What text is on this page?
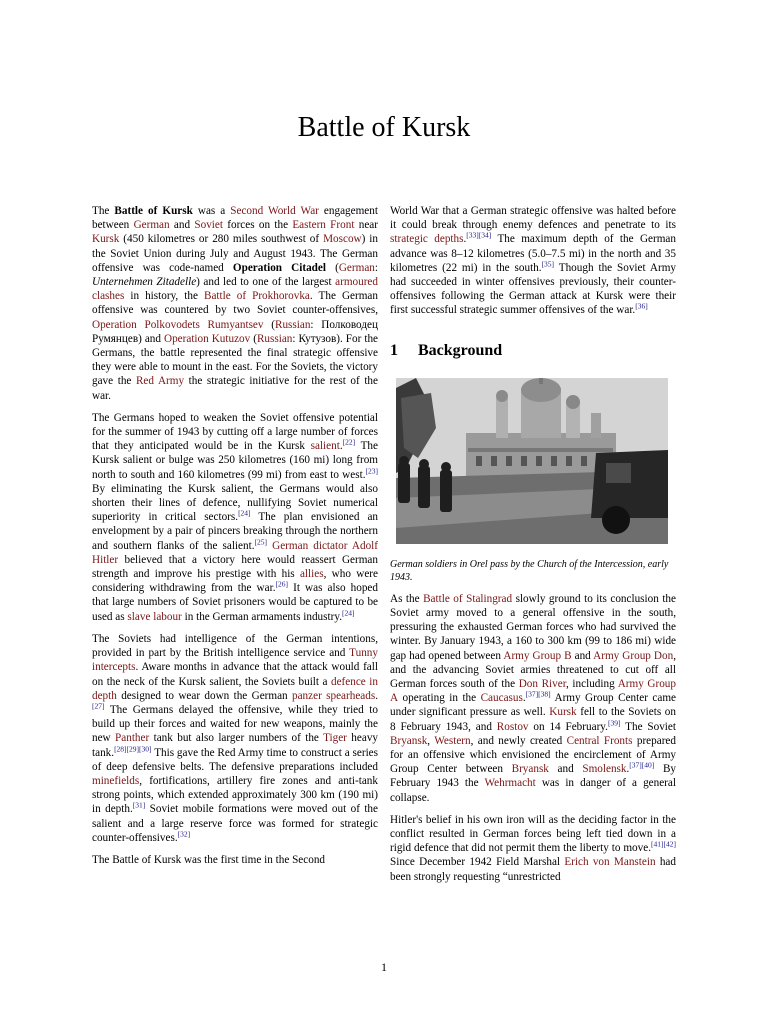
Battle of Kursk

The Battle of Kursk was a Second World War engagement between German and Soviet forces on the Eastern Front near Kursk (450 kilometres or 280 miles southwest of Moscow) in the Soviet Union during July and August 1943. The German offensive was code-named Operation Citadel (German: Unternehmen Zitadelle) and led to one of the largest armoured clashes in history, the Battle of Prokhorovka. The German offensive was countered by two Soviet counter-offensives, Operation Polkovodets Rumyantsev (Russian: Полководец Румянцев) and Operation Kutuzov (Russian: Кутузов). For the Germans, the battle represented the final strategic offensive they were able to mount in the east. For the Soviets, the victory gave the Red Army the strategic initiative for the rest of the war.

The Germans hoped to weaken the Soviet offensive potential for the summer of 1943 by cutting off a large number of forces that they anticipated would be in the Kursk salient.[22] The Kursk salient or bulge was 250 kilometres (160 mi) long from north to south and 160 kilometres (99 mi) from east to west.[23] By eliminating the Kursk salient, the Germans would also shorten their lines of defence, nullifying Soviet numerical superiority in critical sectors.[24] The plan envisioned an envelopment by a pair of pincers breaking through the northern and southern flanks of the salient.[25] German dictator Adolf Hitler believed that a victory here would reassert German strength and improve his prestige with his allies, who were considering withdrawing from the war.[26] It was also hoped that large numbers of Soviet prisoners would be captured to be used as slave labour in the German armaments industry.[24]

The Soviets had intelligence of the German intentions, provided in part by the British intelligence service and Tunny intercepts. Aware months in advance that the attack would fall on the neck of the Kursk salient, the Soviets built a defence in depth designed to wear down the German panzer spearheads.[27] The Germans delayed the offensive, while they tried to build up their forces and waited for new weapons, mainly the new Panther tank but also larger numbers of the Tiger heavy tank.[28][29][30] This gave the Red Army time to construct a series of deep defensive belts. The defensive preparations included minefields, fortifications, artillery fire zones and anti-tank strong points, which extended approximately 300 km (190 mi) in depth.[31] Soviet mobile formations were moved out of the salient and a large reserve force was formed for strategic counter-offensives.[32]

The Battle of Kursk was the first time in the Second

World War that a German strategic offensive was halted before it could break through enemy defences and penetrate to its strategic depths.[33][34] The maximum depth of the German advance was 8–12 kilometres (5.0–7.5 mi) in the north and 35 kilometres (22 mi) in the south.[35] Though the Soviet Army had succeeded in winter offensives previously, their counter-offensives following the German attack at Kursk were their first successful strategic summer offensives of the war.[36]

1 Background

German soldiers in Orel pass by the Church of the Intercession, early 1943.

As the Battle of Stalingrad slowly ground to its conclusion the Soviet army moved to a general offensive in the south, pressuring the exhausted German forces who had survived the winter. By January 1943, a 160 to 300 km (99 to 186 mi) wide gap had opened between Army Group B and Army Group Don, and the advancing Soviet armies threatened to cut off all German forces south of the Don River, including Army Group A operating in the Caucasus.[37][38] Army Group Center came under significant pressure as well. Kursk fell to the Soviets on 8 February 1943, and Rostov on 14 February.[39] The Soviet Bryansk, Western, and newly created Central Fronts prepared for an offensive which envisioned the encirclement of Army Group Center between Bryansk and Smolensk.[37][40] By February 1943 the Wehrmacht was in danger of a general collapse.

Hitler's belief in his own iron will as the deciding factor in the conflict resulted in German forces being left tied down in a rigid defence that did not permit them the liberty to move.[41][42] Since December 1942 Field Marshal Erich von Manstein had been strongly requesting “unrestricted

1
